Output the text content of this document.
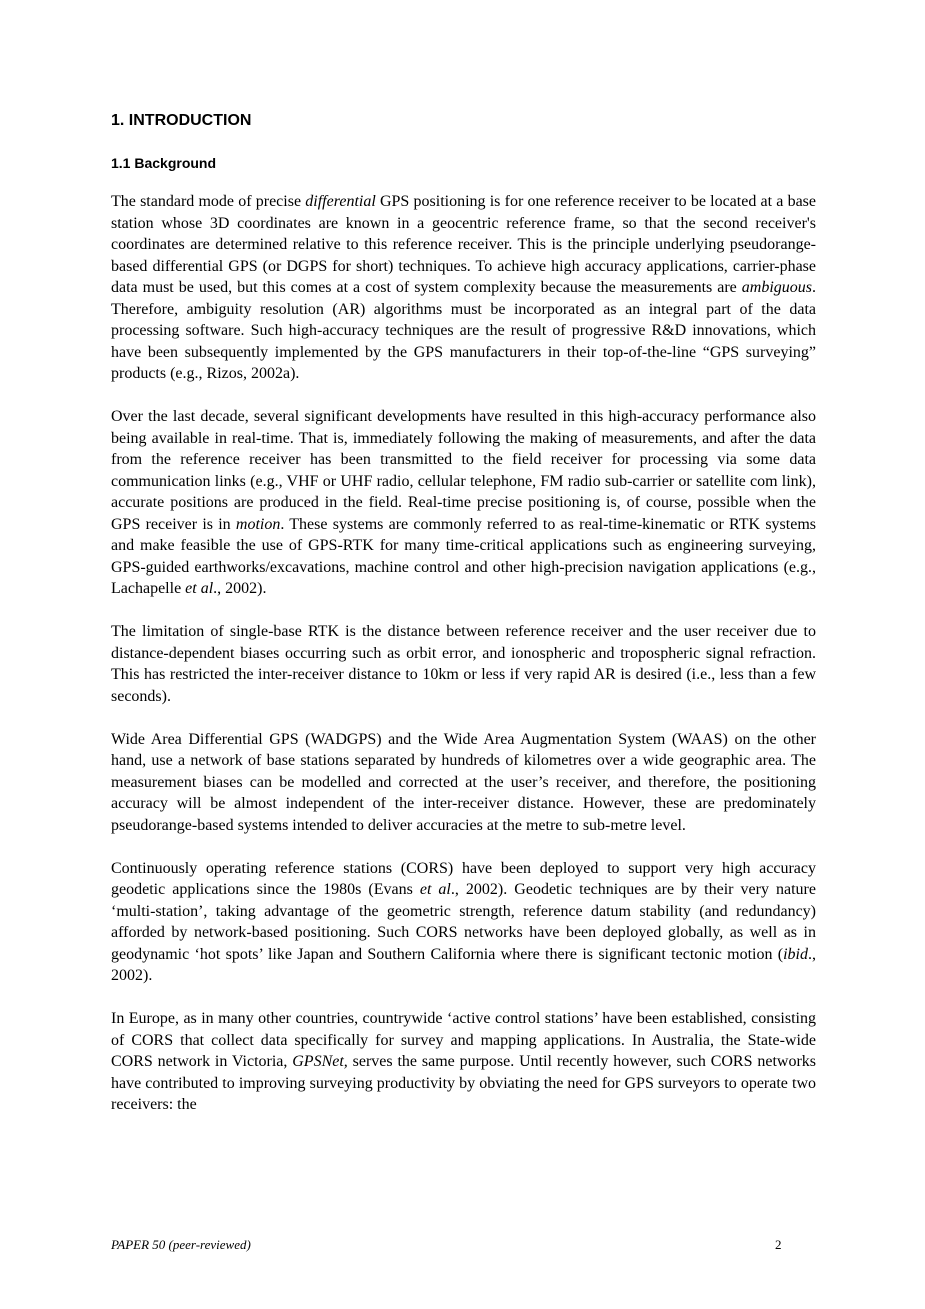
1. INTRODUCTION
1.1 Background

The standard mode of precise differential GPS positioning is for one reference receiver to be located at a base station whose 3D coordinates are known in a geocentric reference frame, so that the second receiver's coordinates are determined relative to this reference receiver. This is the principle underlying pseudorange-based differential GPS (or DGPS for short) techniques. To achieve high accuracy applications, carrier-phase data must be used, but this comes at a cost of system complexity because the measurements are ambiguous. Therefore, ambiguity resolution (AR) algorithms must be incorporated as an integral part of the data processing software. Such high-accuracy techniques are the result of progressive R&D innovations, which have been subsequently implemented by the GPS manufacturers in their top-of-the-line “GPS surveying” products (e.g., Rizos, 2002a).

Over the last decade, several significant developments have resulted in this high-accuracy performance also being available in real-time. That is, immediately following the making of measurements, and after the data from the reference receiver has been transmitted to the field receiver for processing via some data communication links (e.g., VHF or UHF radio, cellular telephone, FM radio sub-carrier or satellite com link), accurate positions are produced in the field. Real-time precise positioning is, of course, possible when the GPS receiver is in motion. These systems are commonly referred to as real-time-kinematic or RTK systems and make feasible the use of GPS-RTK for many time-critical applications such as engineering surveying, GPS-guided earthworks/excavations, machine control and other high-precision navigation applications (e.g., Lachapelle et al., 2002).

The limitation of single-base RTK is the distance between reference receiver and the user receiver due to distance-dependent biases occurring such as orbit error, and ionospheric and tropospheric signal refraction. This has restricted the inter-receiver distance to 10km or less if very rapid AR is desired (i.e., less than a few seconds).

Wide Area Differential GPS (WADGPS) and the Wide Area Augmentation System (WAAS) on the other hand, use a network of base stations separated by hundreds of kilometres over a wide geographic area. The measurement biases can be modelled and corrected at the user’s receiver, and therefore, the positioning accuracy will be almost independent of the inter-receiver distance. However, these are predominately pseudorange-based systems intended to deliver accuracies at the metre to sub-metre level.

Continuously operating reference stations (CORS) have been deployed to support very high accuracy geodetic applications since the 1980s (Evans et al., 2002). Geodetic techniques are by their very nature ‘multi-station’, taking advantage of the geometric strength, reference datum stability (and redundancy) afforded by network-based positioning. Such CORS networks have been deployed globally, as well as in geodynamic ‘hot spots’ like Japan and Southern California where there is significant tectonic motion (ibid., 2002).

In Europe, as in many other countries, countrywide ‘active control stations’ have been established, consisting of CORS that collect data specifically for survey and mapping applications. In Australia, the State-wide CORS network in Victoria, GPSNet, serves the same purpose. Until recently however, such CORS networks have contributed to improving surveying productivity by obviating the need for GPS surveyors to operate two receivers: the

PAPER 50 (peer-reviewed)	2
